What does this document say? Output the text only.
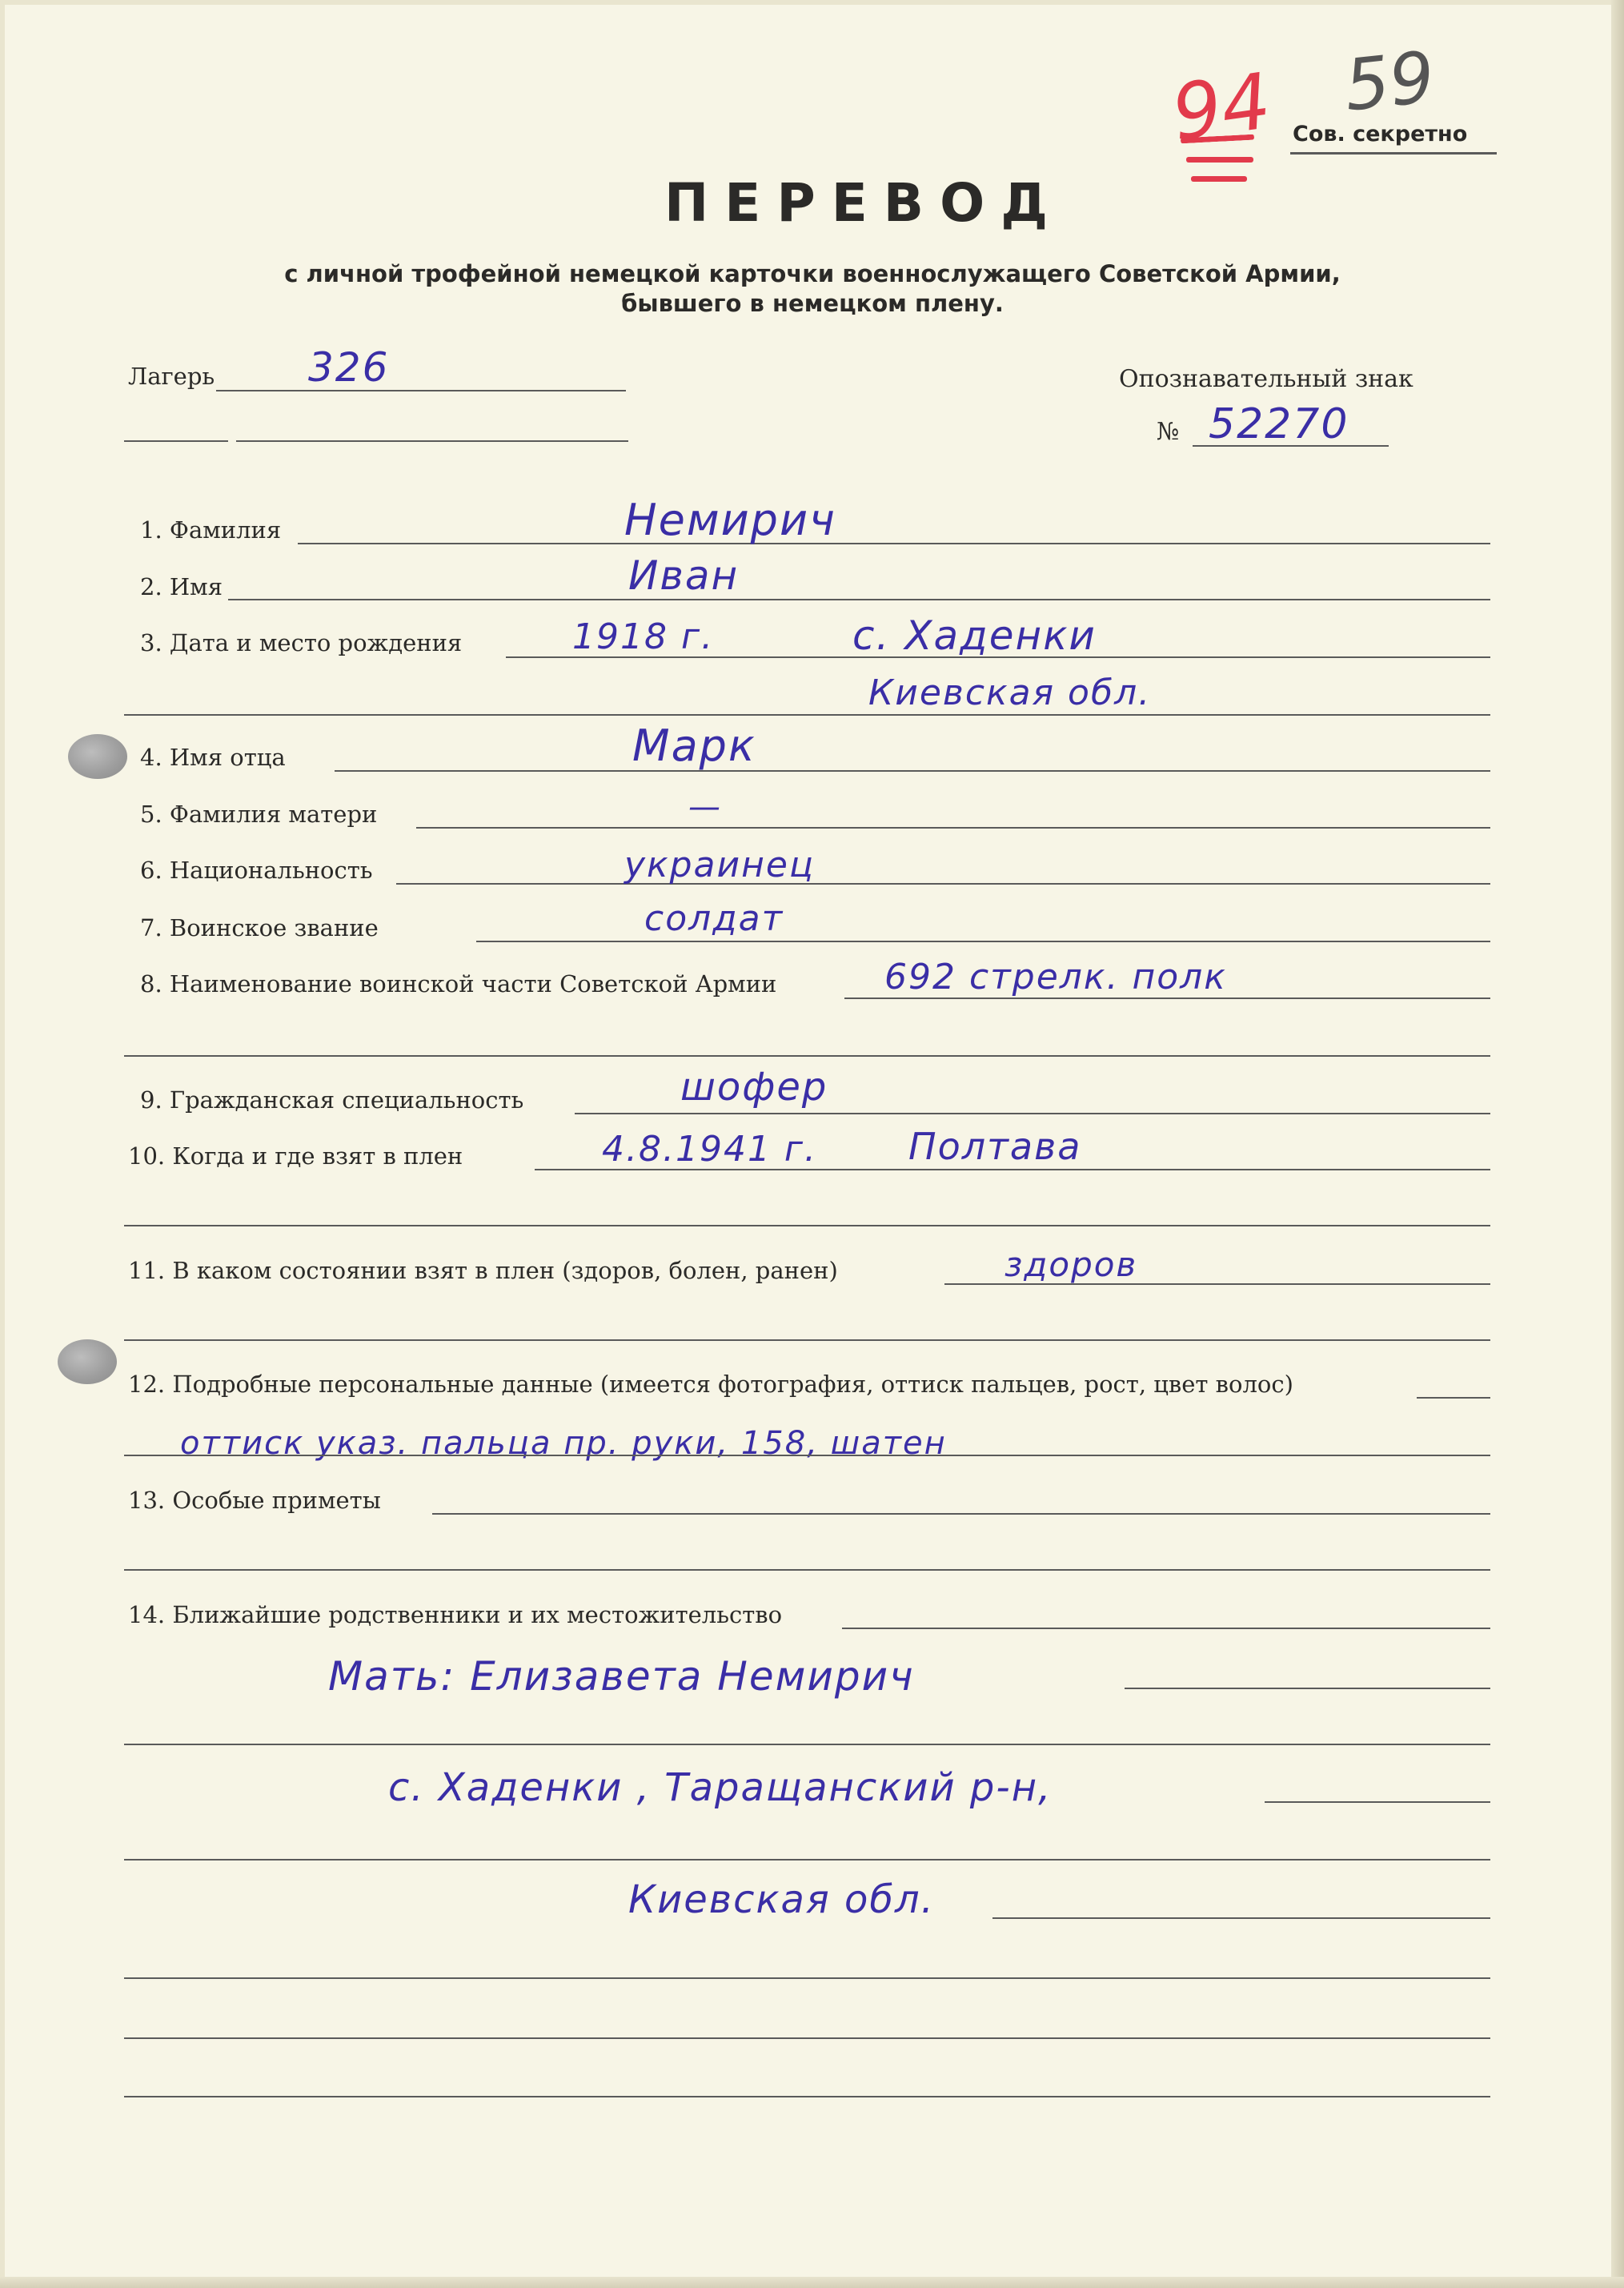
94 59
Сов. секретно
ПЕРЕВОД
с личной трофейной немецкой карточки военнослужащего Советской Армии,
бывшего в немецком плену.
Лагерь 326	Опознавательный знак
№ 52270
1. Фамилия	Немирич
2. Имя	Иван
3. Дата и место рождения	1918 г.	с. Хаденки
Киевская обл.
4. Имя отца	Марк
5. Фамилия матери	—
6. Национальность	украинец
7. Воинское звание	солдат
8. Наименование воинской части Советской Армии	692 стрелк. полк
9. Гражданская специальность	шофер
10. Когда и где взят в плен	4.8.1941 г. Полтава
11. В каком состоянии взят в плен (здоров, болен, ранен)	здоров
12. Подробные персональные данные (имеется фотография, оттиск пальцев, рост, цвет волос)
оттиск указ. пальца пр. руки, 158, шатен
13. Особые приметы
14. Ближайшие родственники и их местожительство
Мать: Елизавета Немирич
с. Хаденки , Таращанский р-н,
Киевская обл.
